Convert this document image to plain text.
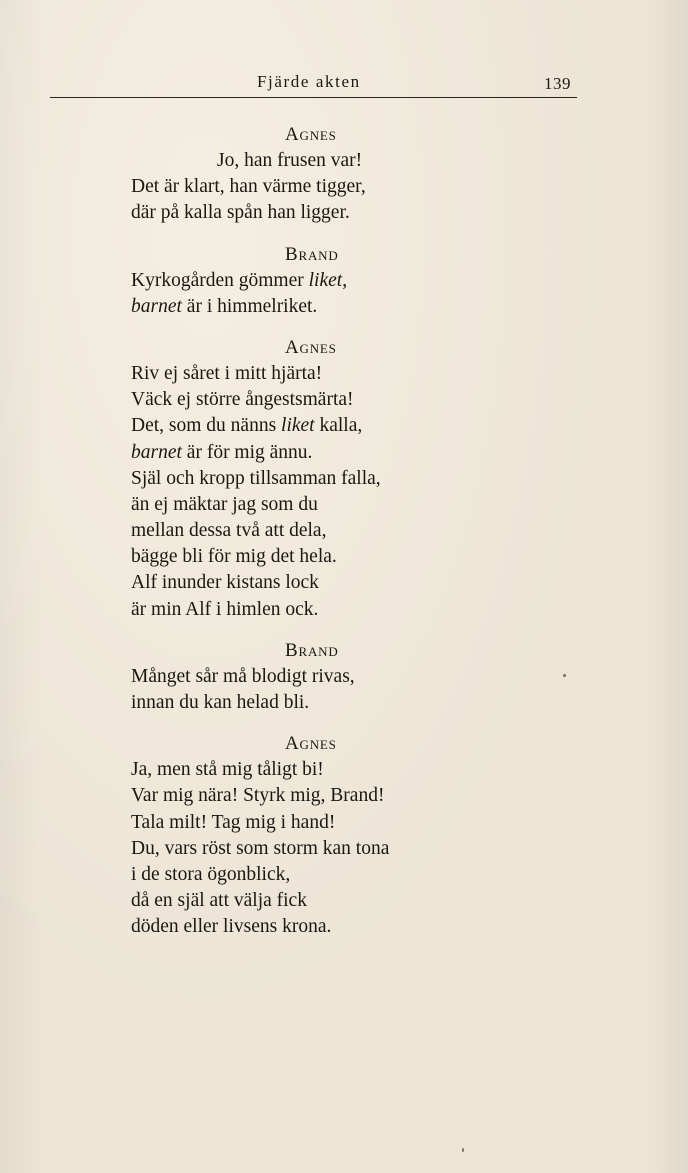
Fjärde akten	139
Agnes
Jo, han frusen var!
Det är klart, han värme tigger,
där på kalla spån han ligger.
Brand
Kyrkogården gömmer liket,
barnet är i himmelriket.
Agnes
Riv ej såret i mitt hjärta!
Väck ej större ångestsmärta!
Det, som du nänns liket kalla,
barnet är för mig ännu.
Själ och kropp tillsamman falla,
än ej mäktar jag som du
mellan dessa två att dela,
bägge bli för mig det hela.
Alf inunder kistans lock
är min Alf i himlen ock.
Brand
Månget sår må blodigt rivas,
innan du kan helad bli.
Agnes
Ja, men stå mig tåligt bi!
Var mig nära! Styrk mig, Brand!
Tala milt! Tag mig i hand!
Du, vars röst som storm kan tona
i de stora ögonblick,
då en själ att välja fick
döden eller livsens krona.
